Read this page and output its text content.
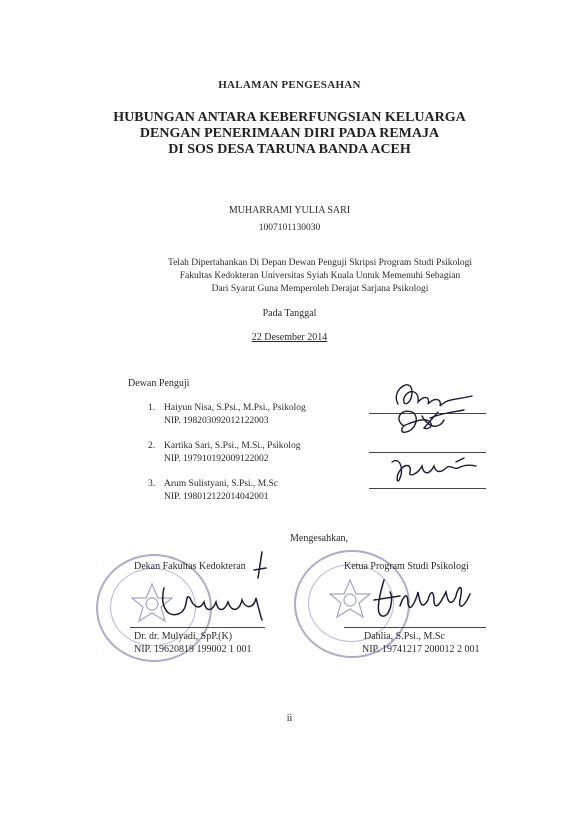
HALAMAN PENGESAHAN
HUBUNGAN ANTARA KEBERFUNGSIAN KELUARGA
DENGAN PENERIMAAN DIRI PADA REMAJA
DI SOS DESA TARUNA BANDA ACEH
MUHARRAMI YULIA SARI
1007101130030
Telah Dipertahankan Di Depan Dewan Penguji Skripsi Program Studi Psikologi
Fakultas Kedokteran Universitas Syiah Kuala Untuk Memenuhi Sebagian
Dari Syarat Guna Memperoleh Derajat Sarjana Psikologi
Pada Tanggal
22 Desember 2014
Dewan Penguji
1. Haiyun Nisa, S.Psi., M.Psi., Psikolog
NIP. 198203092012122003
2. Kartika Sari, S.Psi., M.Si., Psikolog
NIP. 197910192009122002
3. Arum Sulistyani, S.Psi., M.Sc
NIP. 198012122014042001
Mengesahkan,
Dekan Fakultas Kedokteran
Dr. dr. Mulyadi, SpP.(K)
NIP. 19620819 199002 1 001
Ketua Program Studi Psikologi
Dahlia, S.Psi., M.Sc
NIP. 19741217 200012 2 001
ii
